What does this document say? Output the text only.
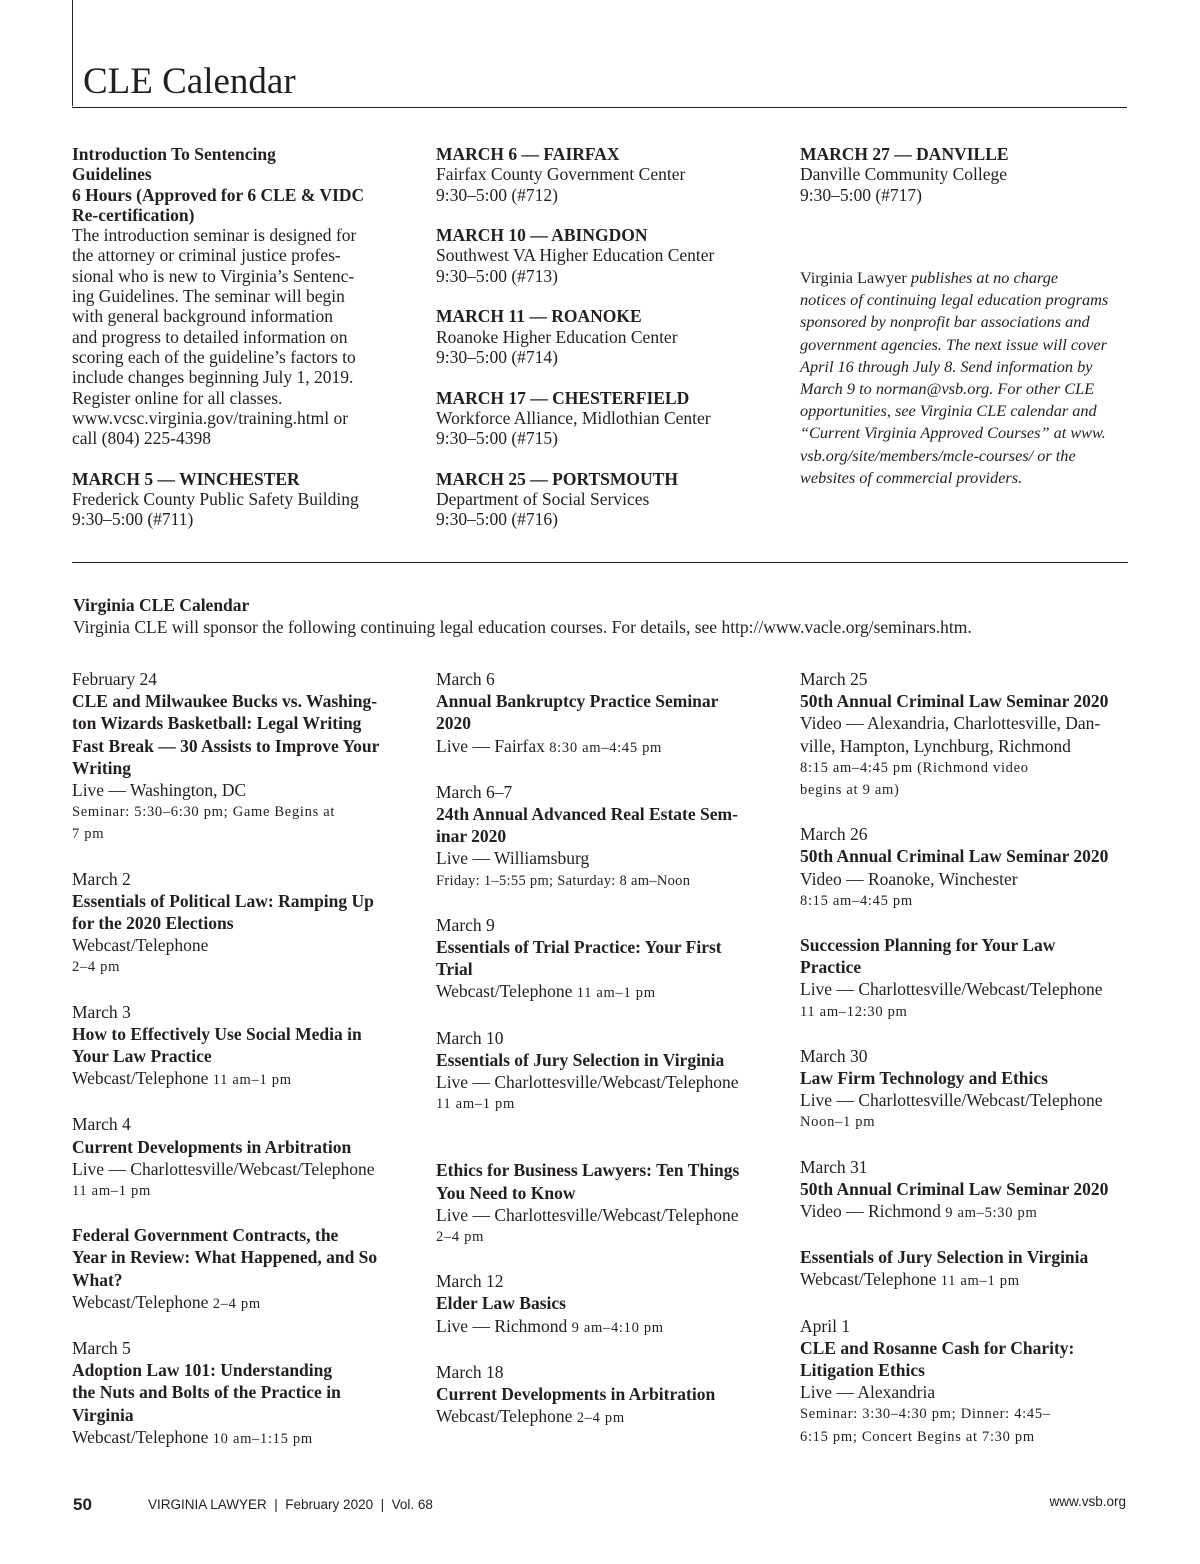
CLE Calendar
Introduction To Sentencing
Guidelines
6 Hours (Approved for 6 CLE & VIDC
Re-certification)
The introduction seminar is designed for
the attorney or criminal justice profes-
sional who is new to Virginia’s Sentenc-
ing Guidelines. The seminar will begin
with general background information
and progress to detailed information on
scoring each of the guideline’s factors to
include changes beginning July 1, 2019.
Register online for all classes.
www.vcsc.virginia.gov/training.html or
call (804) 225-4398
MARCH 5 — WINCHESTER
Frederick County Public Safety Building
9:30–5:00 (#711)
MARCH 6 — FAIRFAX
Fairfax County Government Center
9:30–5:00 (#712)
MARCH 10 — ABINGDON
Southwest VA Higher Education Center
9:30–5:00 (#713)
MARCH 11 — ROANOKE
Roanoke Higher Education Center
9:30–5:00 (#714)
MARCH 17 — CHESTERFIELD
Workforce Alliance, Midlothian Center
9:30–5:00 (#715)
MARCH 25 — PORTSMOUTH
Department of Social Services
9:30–5:00 (#716)
MARCH 27 — DANVILLE
Danville Community College
9:30–5:00 (#717)
Virginia Lawyer publishes at no charge
notices of continuing legal education programs
sponsored by nonprofit bar associations and
government agencies. The next issue will cover
April 16 through July 8. Send information by
March 9 to norman@vsb.org. For other CLE
opportunities, see Virginia CLE calendar and
“Current Virginia Approved Courses” at www.
vsb.org/site/members/mcle-courses/ or the
websites of commercial providers.
Virginia CLE Calendar
Virginia CLE will sponsor the following continuing legal education courses. For details, see http://www.vacle.org/seminars.htm.
February 24
CLE and Milwaukee Bucks vs. Washing-
ton Wizards Basketball: Legal Writing
Fast Break — 30 Assists to Improve Your
Writing
Live — Washington, DC
Seminar: 5:30–6:30 pm; Game Begins at
7 pm
March 2
Essentials of Political Law: Ramping Up
for the 2020 Elections
Webcast/Telephone
2–4 pm
March 3
How to Effectively Use Social Media in
Your Law Practice
Webcast/Telephone 11 am–1 pm
March 4
Current Developments in Arbitration
Live — Charlottesville/Webcast/Telephone
11 am–1 pm
Federal Government Contracts, the
Year in Review: What Happened, and So
What?
Webcast/Telephone 2–4 pm
March 5
Adoption Law 101: Understanding
the Nuts and Bolts of the Practice in
Virginia
Webcast/Telephone 10 am–1:15 pm
March 6
Annual Bankruptcy Practice Seminar
2020
Live — Fairfax 8:30 am–4:45 pm
March 6–7
24th Annual Advanced Real Estate Sem-
inar 2020
Live — Williamsburg
Friday: 1–5:55 pm; Saturday: 8 am–Noon
March 9
Essentials of Trial Practice: Your First
Trial
Webcast/Telephone 11 am–1 pm
March 10
Essentials of Jury Selection in Virginia
Live — Charlottesville/Webcast/Telephone
11 am–1 pm
Ethics for Business Lawyers: Ten Things
You Need to Know
Live — Charlottesville/Webcast/Telephone
2–4 pm
March 12
Elder Law Basics
Live — Richmond 9 am–4:10 pm
March 18
Current Developments in Arbitration
Webcast/Telephone 2–4 pm
March 25
50th Annual Criminal Law Seminar 2020
Video — Alexandria, Charlottesville, Dan-
ville, Hampton, Lynchburg, Richmond
8:15 am–4:45 pm (Richmond video
begins at 9 am)
March 26
50th Annual Criminal Law Seminar 2020
Video — Roanoke, Winchester
8:15 am–4:45 pm
Succession Planning for Your Law
Practice
Live — Charlottesville/Webcast/Telephone
11 am–12:30 pm
March 30
Law Firm Technology and Ethics
Live — Charlottesville/Webcast/Telephone
Noon–1 pm
March 31
50th Annual Criminal Law Seminar 2020
Video — Richmond 9 am–5:30 pm
Essentials of Jury Selection in Virginia
Webcast/Telephone 11 am–1 pm
April 1
CLE and Rosanne Cash for Charity:
Litigation Ethics
Live — Alexandria
Seminar: 3:30–4:30 pm; Dinner: 4:45–
6:15 pm; Concert Begins at 7:30 pm
50	VIRGINIA LAWYER  |  February 2020  |  Vol. 68	www.vsb.org
